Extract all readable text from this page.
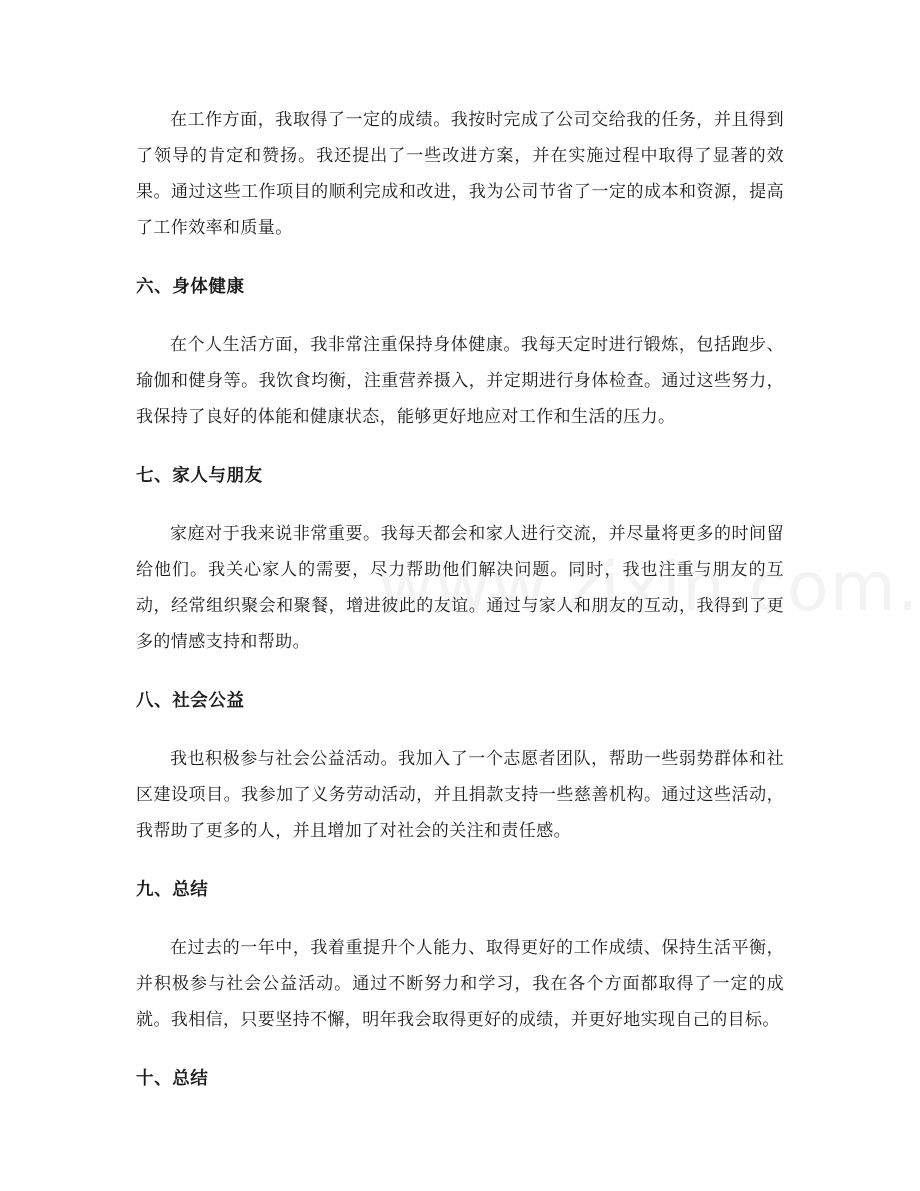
在工作方面，我取得了一定的成绩。我按时完成了公司交给我的任务，并且得到了领导的肯定和赞扬。我还提出了一些改进方案，并在实施过程中取得了显著的效果。通过这些工作项目的顺利完成和改进，我为公司节省了一定的成本和资源，提高了工作效率和质量。

六、身体健康

在个人生活方面，我非常注重保持身体健康。我每天定时进行锻炼，包括跑步、瑜伽和健身等。我饮食均衡，注重营养摄入，并定期进行身体检查。通过这些努力，我保持了良好的体能和健康状态，能够更好地应对工作和生活的压力。

七、家人与朋友

家庭对于我来说非常重要。我每天都会和家人进行交流，并尽量将更多的时间留给他们。我关心家人的需要，尽力帮助他们解决问题。同时，我也注重与朋友的互动，经常组织聚会和聚餐，增进彼此的友谊。通过与家人和朋友的互动，我得到了更多的情感支持和帮助。

八、社会公益

我也积极参与社会公益活动。我加入了一个志愿者团队，帮助一些弱势群体和社区建设项目。我参加了义务劳动活动，并且捐款支持一些慈善机构。通过这些活动，我帮助了更多的人，并且增加了对社会的关注和责任感。

九、总结

在过去的一年中，我着重提升个人能力、取得更好的工作成绩、保持生活平衡，并积极参与社会公益活动。通过不断努力和学习，我在各个方面都取得了一定的成就。我相信，只要坚持不懈，明年我会取得更好的成绩，并更好地实现自己的目标。

十、总结
